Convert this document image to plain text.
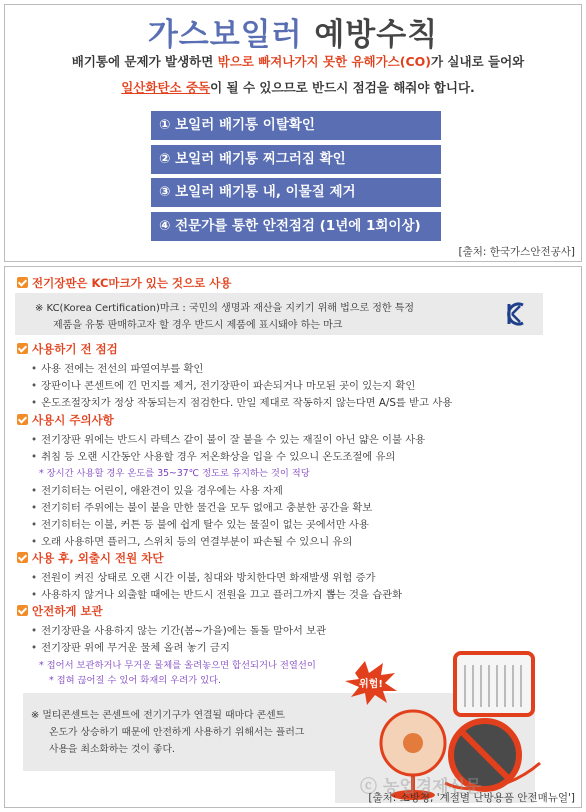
가스보일러 예방수칙
배기통에 문제가 발생하면 밖으로 빠져나가지 못한 유해가스(CO)가 실내로 들어와
일산화탄소 중독이 될 수 있으므로 반드시 점검을 해줘야 합니다.
① 보일러 배기통 이탈확인
② 보일러 배기통 찌그러짐 확인
③ 보일러 배기통 내, 이물질 제거
④ 전문가를 통한 안전점검 (1년에 1회이상)
[출처: 한국가스안전공사]
전기장판은 KC마크가 있는 것으로 사용
※ KC(Korea Certification)마크 : 국민의 생명과 재산을 지키기 위해 법으로 정한 특정
제품을 유통 판매하고자 할 경우 반드시 제품에 표시돼야 하는 마크
사용하기 전 점검
• 사용 전에는 전선의 파열여부를 확인
• 장판이나 콘센트에 낀 먼지를 제거, 전기장판이 파손되거나 마모된 곳이 있는지 확인
• 온도조절장치가 정상 작동되는지 점검한다. 만일 제대로 작동하지 않는다면 A/S를 받고 사용
사용시 주의사항
• 전기장판 위에는 반드시 라텍스 같이 불이 잘 붙을 수 있는 재질이 아닌 얇은 이불 사용
• 취침 등 오랜 시간동안 사용할 경우 저온화상을 입을 수 있으니 온도조절에 유의
* 장시간 사용할 경우 온도를 35~37℃ 정도로 유지하는 것이 적당
• 전기히터는 어린이, 애완견이 있을 경우에는 사용 자제
• 전기히터 주위에는 불이 붙을 만한 물건을 모두 없애고 충분한 공간을 확보
• 전기히터는 이불, 커튼 등 불에 쉽게 탈수 있는 물질이 없는 곳에서만 사용
• 오래 사용하면 플러그, 스위치 등의 연결부분이 파손될 수 있으니 유의
사용 후, 외출시 전원 차단
• 전원이 켜진 상태로 오랜 시간 이불, 침대와 방치한다면 화재발생 위험 증가
• 사용하지 않거나 외출할 때에는 반드시 전원을 끄고 플러그까지 뽑는 것을 습관화
안전하게 보관
• 전기장판을 사용하지 않는 기간(봄~가을)에는 돌돌 말아서 보관
• 전기장판 위에 무거운 물체 올려 놓기 금지
* 접어서 보관하거나 무거운 물체를 올려놓으면 합선되거나 전열선이
* 접혀 끊어질 수 있어 화재의 우려가 있다.
※ 멀티콘센트는 콘센트에 전기기구가 연결될 때마다 콘센트
온도가 상승하기 때문에 안전하게 사용하기 위해서는 플러그
사용을 최소화하는 것이 좋다.
위험!
[출처: 소방청, '계절별 난방용품 안전매뉴얼']
ⓒ 농업경제신문
